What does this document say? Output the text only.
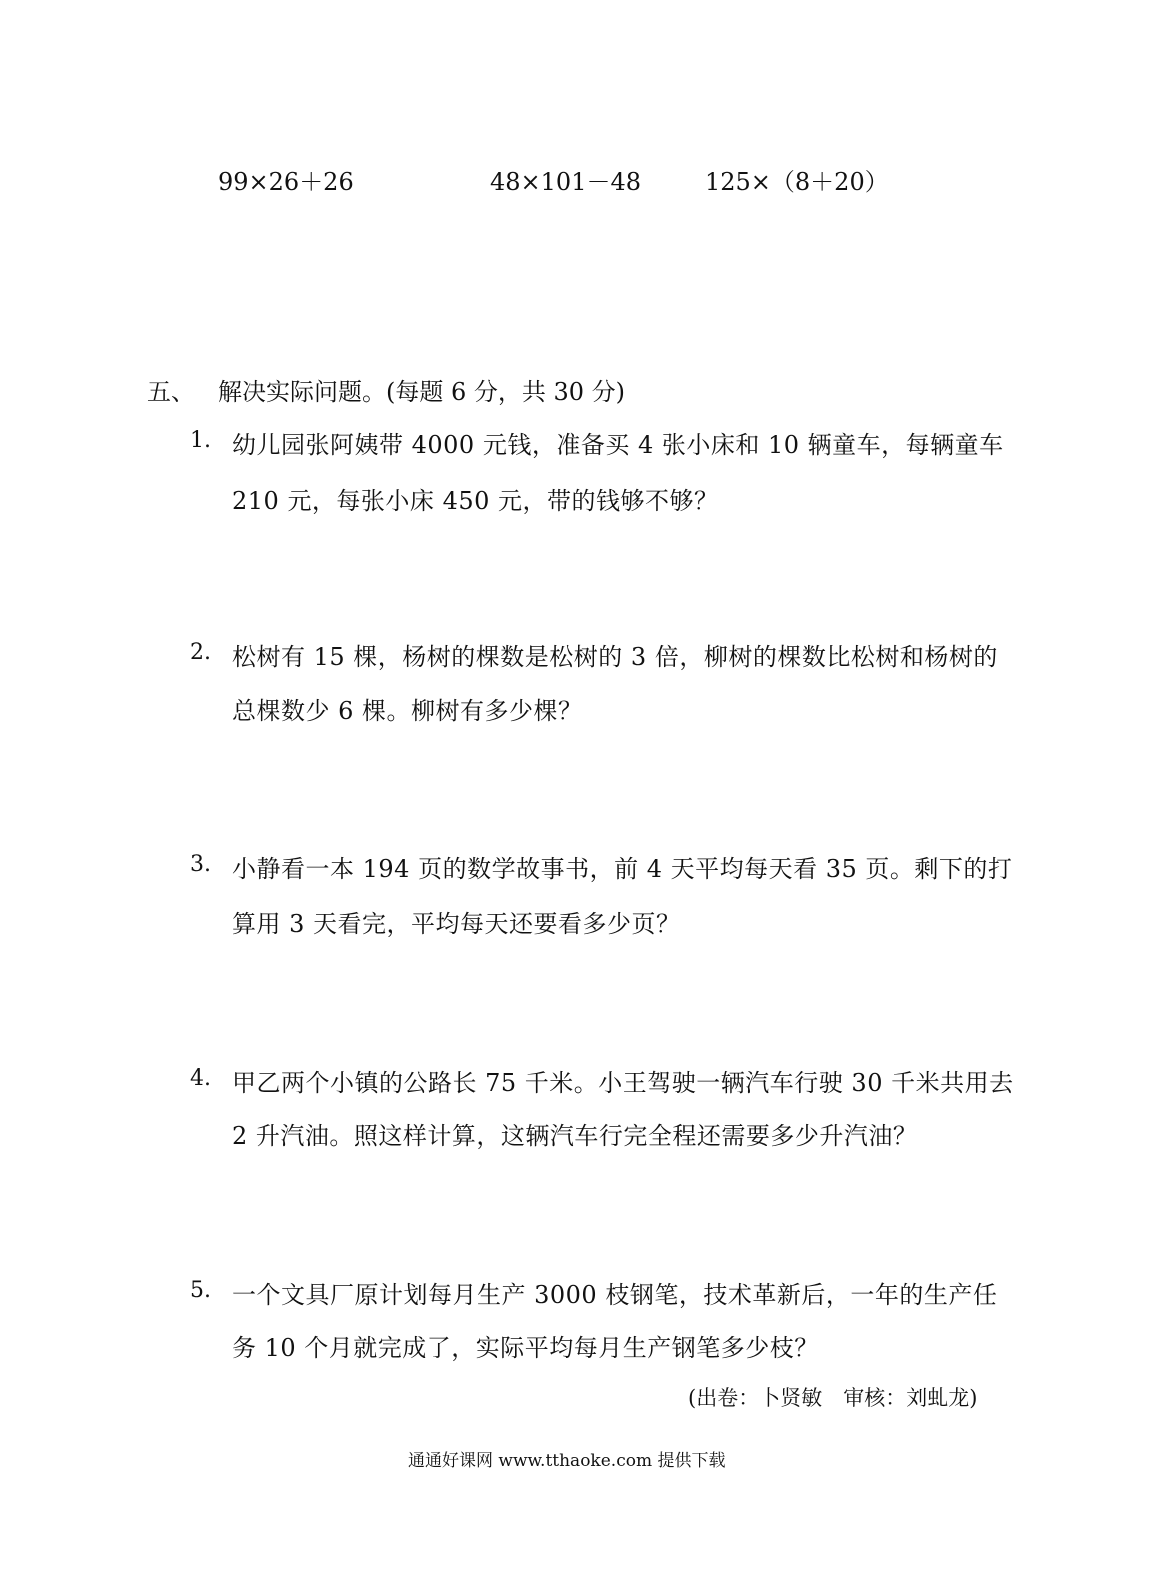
99×26＋26	48×101－48	125×（8＋20）
五、 解决实际问题。(每题 6 分，共 30 分)
1. 幼儿园张阿姨带 4000 元钱，准备买 4 张小床和 10 辆童车，每辆童车
210 元，每张小床 450 元，带的钱够不够？
2. 松树有 15 棵，杨树的棵数是松树的 3 倍，柳树的棵数比松树和杨树的
总棵数少 6 棵。柳树有多少棵？
3. 小静看一本 194 页的数学故事书，前 4 天平均每天看 35 页。剩下的打
算用 3 天看完，平均每天还要看多少页？
4. 甲乙两个小镇的公路长 75 千米。小王驾驶一辆汽车行驶 30 千米共用去
2 升汽油。照这样计算，这辆汽车行完全程还需要多少升汽油？
5. 一个文具厂原计划每月生产 3000 枝钢笔，技术革新后，一年的生产任
务 10 个月就完成了，实际平均每月生产钢笔多少枝？
(出卷：卜贤敏　审核：刘虬龙)
通通好课网 www.tthaoke.com 提供下载
